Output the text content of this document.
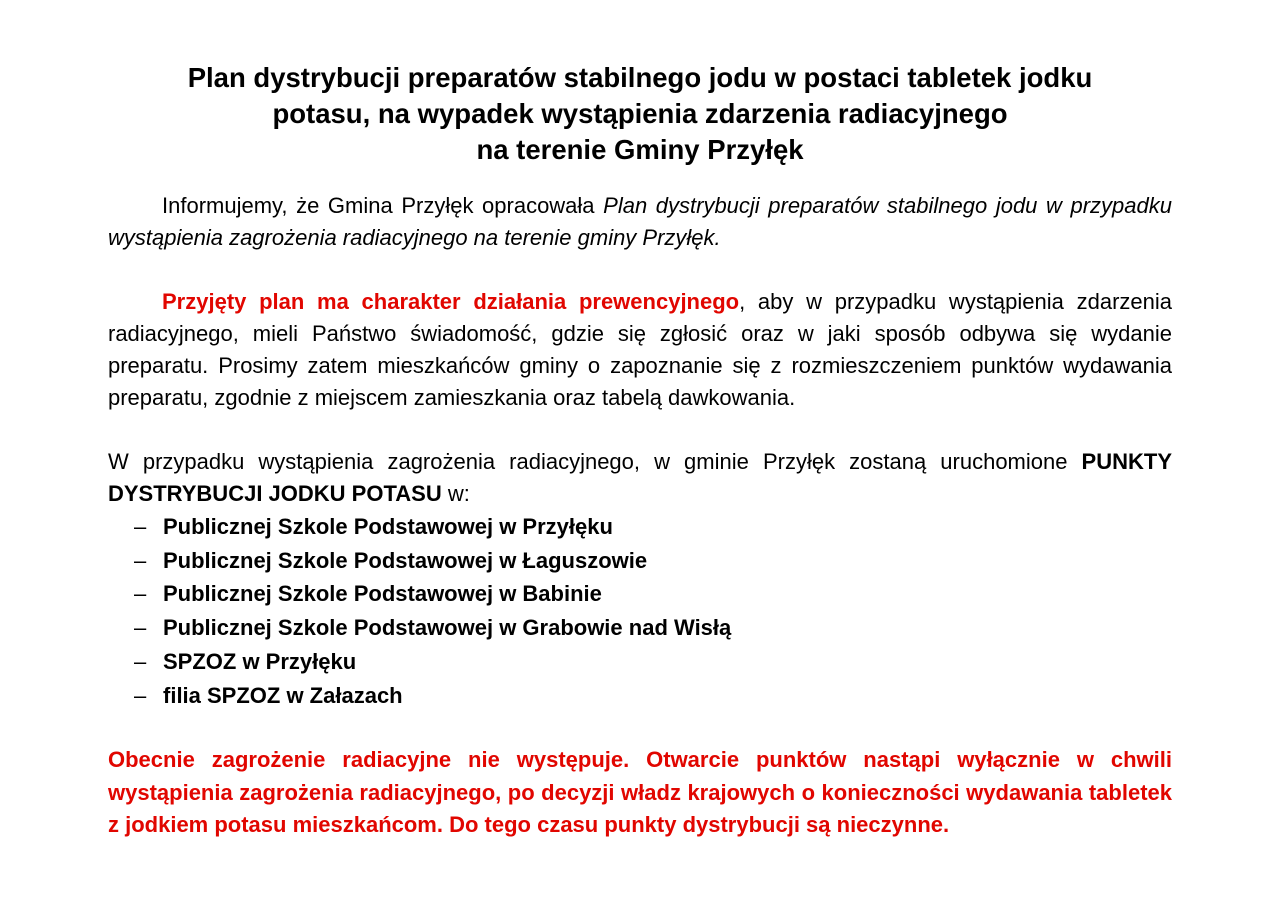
Plan dystrybucji preparatów stabilnego jodu w postaci tabletek jodku
potasu, na wypadek wystąpienia zdarzenia radiacyjnego
na terenie Gminy Przyłęk

Informujemy, że Gmina Przyłęk opracowała Plan dystrybucji preparatów stabilnego jodu w przypadku wystąpienia zagrożenia radiacyjnego na terenie gminy Przyłęk.

Przyjęty plan ma charakter działania prewencyjnego, aby w przypadku wystąpienia zdarzenia radiacyjnego, mieli Państwo świadomość, gdzie się zgłosić oraz w jaki sposób odbywa się wydanie preparatu. Prosimy zatem mieszkańców gminy o zapoznanie się z rozmieszczeniem punktów wydawania preparatu, zgodnie z miejscem zamieszkania oraz tabelą dawkowania.

W przypadku wystąpienia zagrożenia radiacyjnego, w gminie Przyłęk zostaną uruchomione PUNKTY DYSTRYBUCJI JODKU POTASU w:

– Publicznej Szkole Podstawowej w Przyłęku
– Publicznej Szkole Podstawowej w Łaguszowie
– Publicznej Szkole Podstawowej w Babinie
– Publicznej Szkole Podstawowej w Grabowie nad Wisłą
– SPZOZ w Przyłęku
– filia SPZOZ w Załazach

Obecnie zagrożenie radiacyjne nie występuje. Otwarcie punktów nastąpi wyłącznie w chwili wystąpienia zagrożenia radiacyjnego, po decyzji władz krajowych o konieczności wydawania tabletek z jodkiem potasu mieszkańcom. Do tego czasu punkty dystrybucji są nieczynne.
